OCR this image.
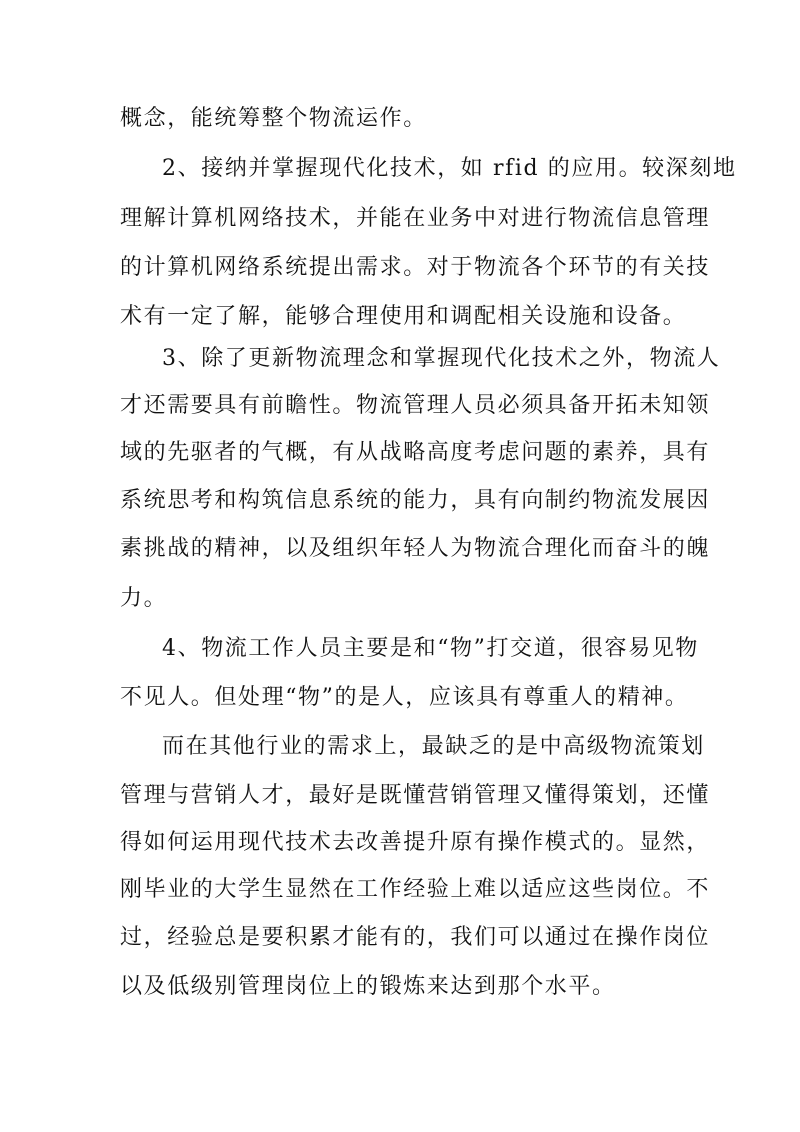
概念，能统筹整个物流运作。
2、接纳并掌握现代化技术，如 rfid 的应用。较深刻地
理解计算机网络技术，并能在业务中对进行物流信息管理
的计算机网络系统提出需求。对于物流各个环节的有关技
术有一定了解，能够合理使用和调配相关设施和设备。
3、除了更新物流理念和掌握现代化技术之外，物流人
才还需要具有前瞻性。物流管理人员必须具备开拓未知领
域的先驱者的气概，有从战略高度考虑问题的素养，具有
系统思考和构筑信息系统的能力，具有向制约物流发展因
素挑战的精神，以及组织年轻人为物流合理化而奋斗的魄
力。
4、物流工作人员主要是和“物”打交道，很容易见物
不见人。但处理“物”的是人，应该具有尊重人的精神。
而在其他行业的需求上，最缺乏的是中高级物流策划
管理与营销人才，最好是既懂营销管理又懂得策划，还懂
得如何运用现代技术去改善提升原有操作模式的。显然，
刚毕业的大学生显然在工作经验上难以适应这些岗位。不
过，经验总是要积累才能有的，我们可以通过在操作岗位
以及低级别管理岗位上的锻炼来达到那个水平。
